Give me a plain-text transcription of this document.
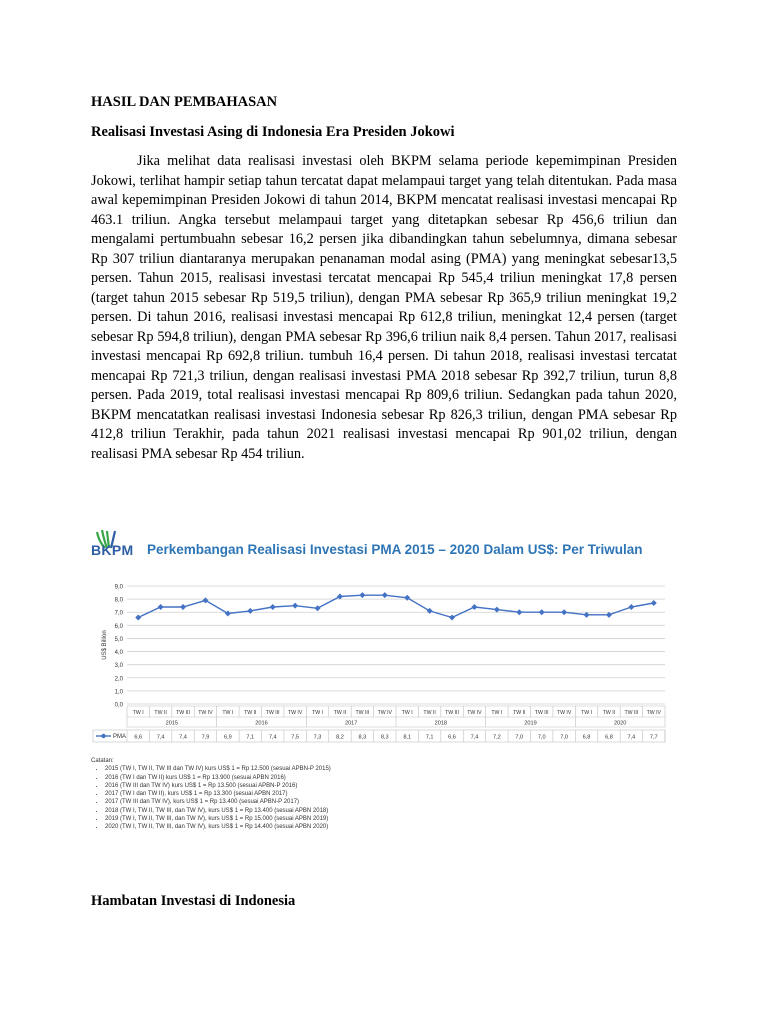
HASIL DAN PEMBAHASAN
Realisasi Investasi Asing di Indonesia Era Presiden Jokowi

Jika melihat data realisasi investasi oleh BKPM selama periode kepemimpinan Presiden Jokowi, terlihat hampir setiap tahun tercatat dapat melampaui target yang telah ditentukan. Pada masa awal kepemimpinan Presiden Jokowi di tahun 2014, BKPM mencatat realisasi investasi mencapai Rp 463.1 triliun. Angka tersebut melampaui target yang ditetapkan sebesar Rp 456,6 triliun dan mengalami pertumbuahn sebesar 16,2 persen jika dibandingkan tahun sebelumnya, dimana sebesar Rp 307 triliun diantaranya merupakan penanaman modal asing (PMA) yang meningkat sebesar13,5 persen. Tahun 2015, realisasi investasi tercatat mencapai Rp 545,4 triliun meningkat 17,8 persen (target tahun 2015 sebesar Rp 519,5 triliun), dengan PMA sebesar Rp 365,9 triliun meningkat 19,2 persen. Di tahun 2016, realisasi investasi mencapai Rp 612,8 triliun, meningkat 12,4 persen (target sebesar Rp 594,8 triliun), dengan PMA sebesar Rp 396,6 triliun naik 8,4 persen. Tahun 2017, realisasi investasi mencapai Rp 692,8 triliun. tumbuh 16,4 persen. Di tahun 2018, realisasi investasi tercatat mencapai Rp 721,3 triliun, dengan realisasi investasi PMA 2018 sebesar Rp 392,7 triliun, turun 8,8 persen. Pada 2019, total realisasi investasi mencapai Rp 809,6 triliun. Sedangkan pada tahun 2020, BKPM mencatatkan realisasi investasi Indonesia sebesar Rp 826,3 triliun, dengan PMA sebesar Rp 412,8 triliun Terakhir, pada tahun 2021 realisasi investasi mencapai Rp 901,02 triliun, dengan realisasi PMA sebesar Rp 454 triliun.

BKPM Perkembangan Realisasi Investasi PMA 2015 – 2020 Dalam US$: Per Triwulan
0,0
1,0
2,0
3,0
4,0
5,0
6,0
7,0
8,0
9,0
US$ Billion
TW I TW II TW III TW IV TW I TW II TW III TW IV TW I TW II TW III TW IV TW I TW II TW III TW IV TW I TW II TW III TW IV TW I TW II TW III TW IV
2015	2016	2017	2018	2019	2020
PMA 6,6	7,4	7,4	7,9	6,9	7,1	7,4	7,5	7,3	8,2	8,3	8,3	8,1	7,1	6,6	7,4	7,2	7,0	7,0	7,0	6,8	6,8	7,4	7,7
Catatan:
• 2015 (TW I, TW II, TW III dan TW IV) kurs US$ 1 = Rp 12.500 (sesuai APBN-P 2015)
• 2016 (TW I dan TW II) kurs US$ 1 = Rp 13.900 (sesuai APBN 2016)
• 2016 (TW III dan TW IV) kurs US$ 1 = Rp 13.500 (sesuai APBN-P 2016)
• 2017 (TW I dan TW II), kurs US$ 1 = Rp 13.300 (sesuai APBN 2017)
• 2017 (TW III dan TW IV), kurs US$ 1 = Rp 13.400 (sesuai APBN-P 2017)
• 2018 (TW I, TW II, TW III, dan TW IV), kurs US$ 1 = Rp 13.400 (sesuai APBN 2018)
• 2019 (TW I, TW II, TW III, dan TW IV), kurs US$ 1 = Rp 15.000 (sesuai APBN 2019)
• 2020 (TW I, TW II, TW III, dan TW IV), kurs US$ 1 = Rp 14.400 (sesuai APBN 2020)
Hambatan Investasi di Indonesia
